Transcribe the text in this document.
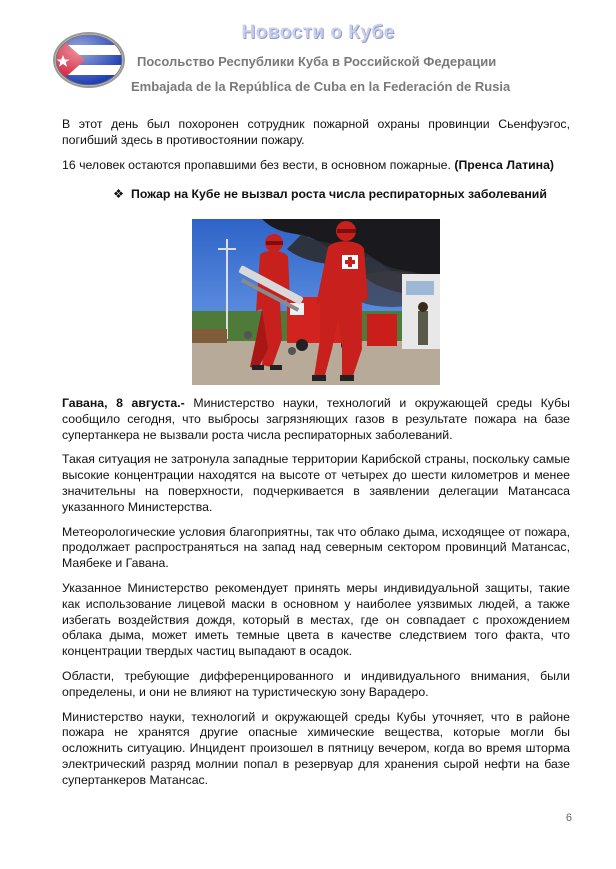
Новости о Кубе
Посольство Республики Куба в Российской Федерации
Embajada de la República de Cuba en la Federación de Rusia

В этот день был похоронен сотрудник пожарной охраны провинции Сьенфуэгос, погибший здесь в противостоянии пожару.

16 человек остаются пропавшими без вести, в основном пожарные. (Пренса Латина)

❖ Пожар на Кубе не вызвал роста числа респираторных заболеваний

Гавана, 8 августа.- Министерство науки, технологий и окружающей среды Кубы сообщило сегодня, что выбросы загрязняющих газов в результате пожара на базе супертанкера не вызвали роста числа респираторных заболеваний.

Такая ситуация не затронула западные территории Карибской страны, поскольку самые высокие концентрации находятся на высоте от четырех до шести километров и менее значительны на поверхности, подчеркивается в заявлении делегации Матансаса указанного Министерства.

Метеорологические условия благоприятны, так что облако дыма, исходящее от пожара, продолжает распространяться на запад над северным сектором провинций Матансас, Маябеке и Гавана.

Указанное Министерство рекомендует принять меры индивидуальной защиты, такие как использование лицевой маски в основном у наиболее уязвимых людей, а также избегать воздействия дождя, который в местах, где он совпадает с прохождением облака дыма, может иметь темные цвета в качестве следствием того факта, что концентрации твердых частиц выпадают в осадок.

Области, требующие дифференцированного и индивидуального внимания, были определены, и они не влияют на туристическую зону Варадеро.

Министерство науки, технологий и окружающей среды Кубы уточняет, что в районе пожара не хранятся другие опасные химические вещества, которые могли бы осложнить ситуацию. Инцидент произошел в пятницу вечером, когда во время шторма электрический разряд молнии попал в резервуар для хранения сырой нефти на базе супертанкеров Матансас.

6
